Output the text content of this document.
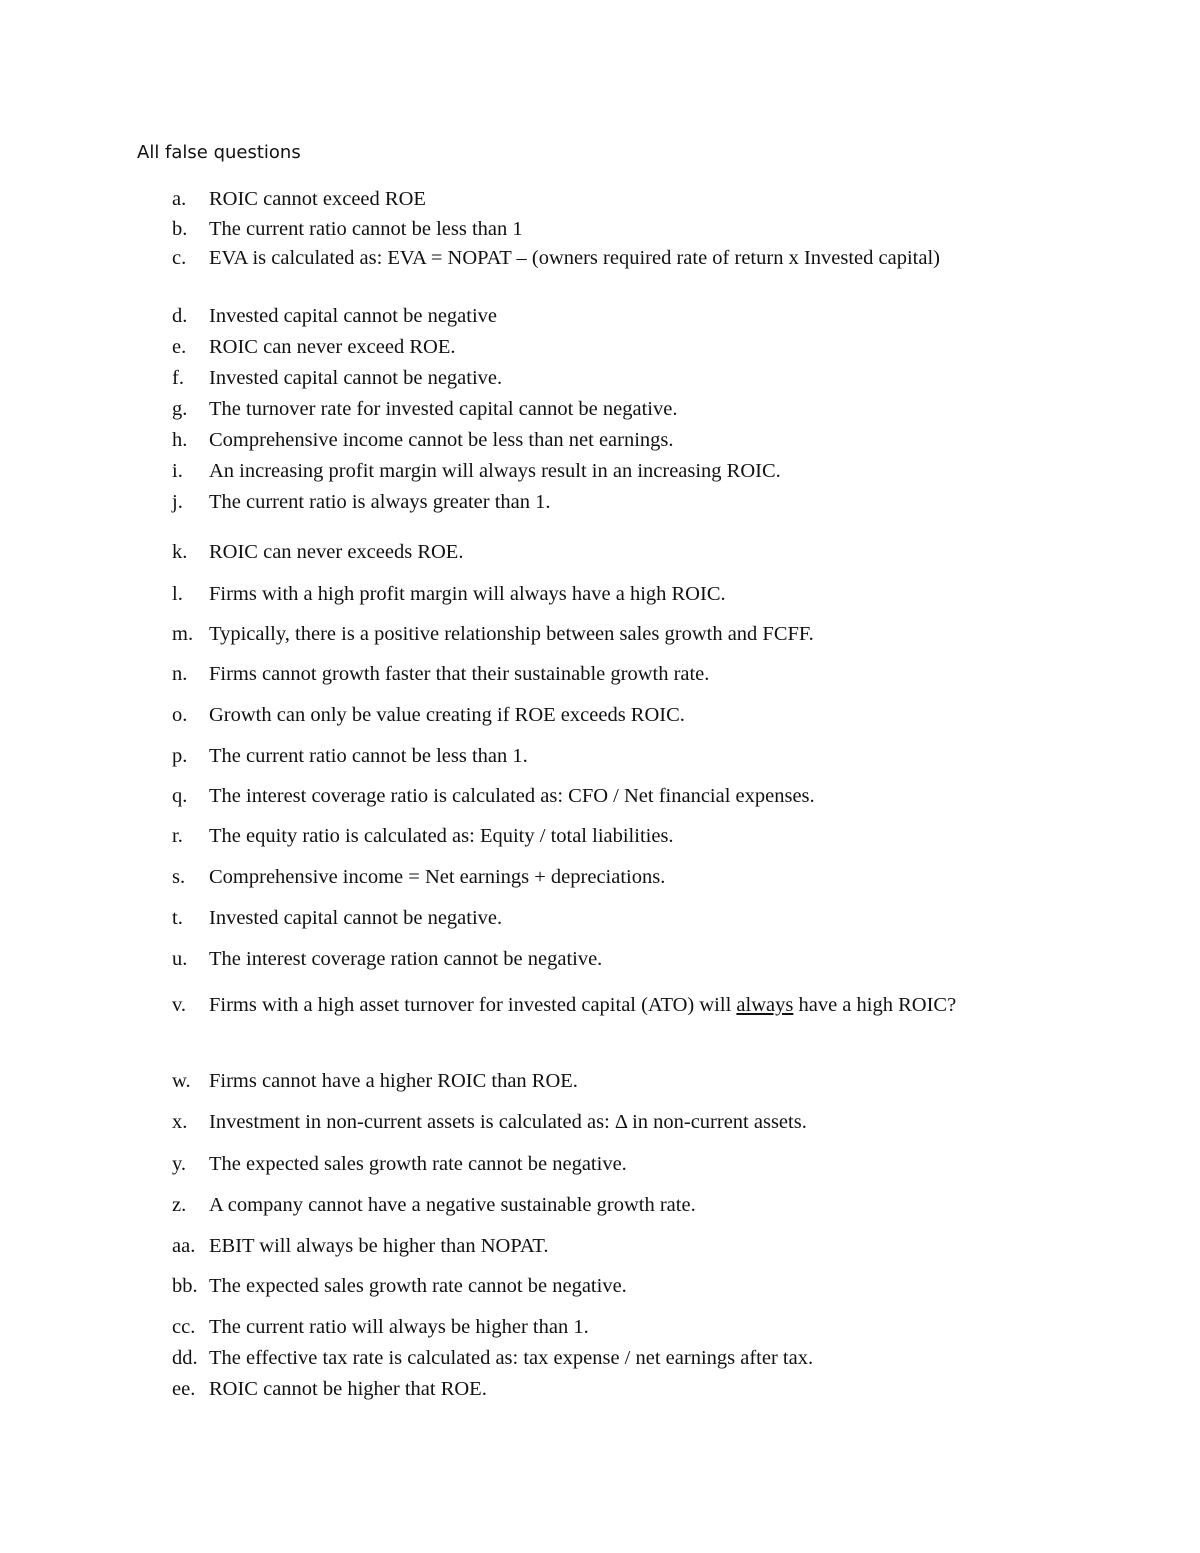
All false questions
a. ROIC cannot exceed ROE
b. The current ratio cannot be less than 1
c. EVA is calculated as: EVA = NOPAT – (owners required rate of return x Invested capital)
d. Invested capital cannot be negative
e. ROIC can never exceed ROE.
f. Invested capital cannot be negative.
g. The turnover rate for invested capital cannot be negative.
h. Comprehensive income cannot be less than net earnings.
i. An increasing profit margin will always result in an increasing ROIC.
j. The current ratio is always greater than 1.
k. ROIC can never exceeds ROE.
l. Firms with a high profit margin will always have a high ROIC.
m. Typically, there is a positive relationship between sales growth and FCFF.
n. Firms cannot growth faster that their sustainable growth rate.
o. Growth can only be value creating if ROE exceeds ROIC.
p. The current ratio cannot be less than 1.
q. The interest coverage ratio is calculated as: CFO / Net financial expenses.
r. The equity ratio is calculated as: Equity / total liabilities.
s. Comprehensive income = Net earnings + depreciations.
t. Invested capital cannot be negative.
u. The interest coverage ration cannot be negative.
v. Firms with a high asset turnover for invested capital (ATO) will always have a high ROIC?
w. Firms cannot have a higher ROIC than ROE.
x. Investment in non-current assets is calculated as: Δ in non-current assets.
y. The expected sales growth rate cannot be negative.
z. A company cannot have a negative sustainable growth rate.
aa. EBIT will always be higher than NOPAT.
bb. The expected sales growth rate cannot be negative.
cc. The current ratio will always be higher than 1.
dd. The effective tax rate is calculated as: tax expense / net earnings after tax.
ee. ROIC cannot be higher that ROE.
